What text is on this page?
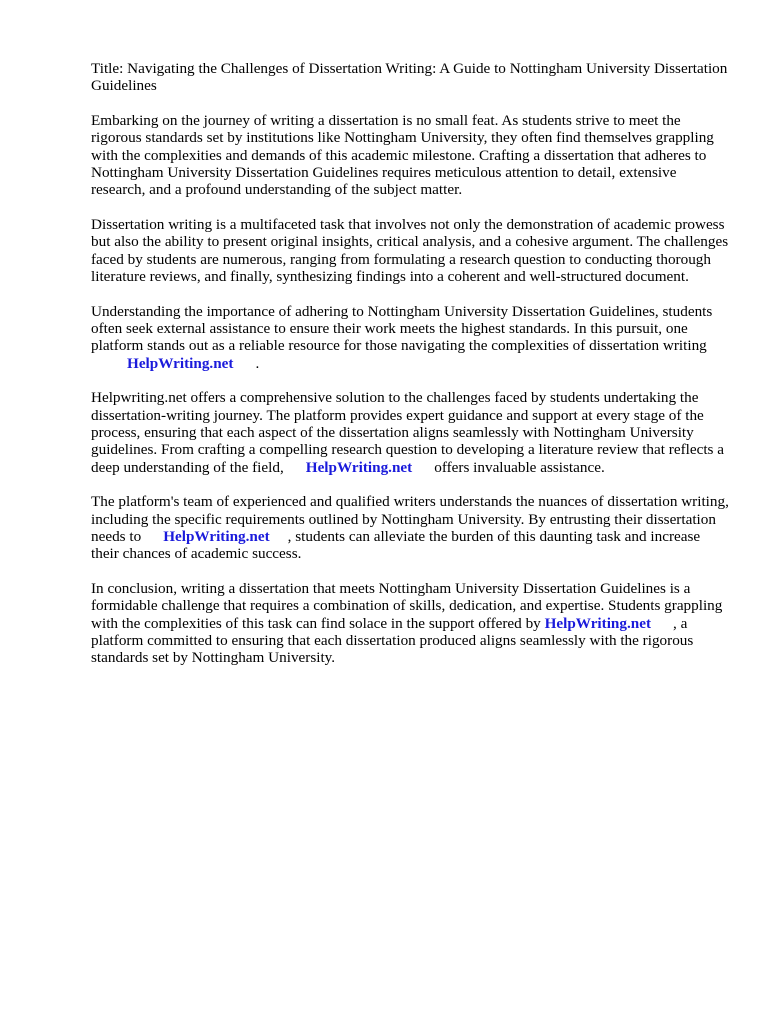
Title: Navigating the Challenges of Dissertation Writing: A Guide to Nottingham University Dissertation Guidelines

Embarking on the journey of writing a dissertation is no small feat. As students strive to meet the rigorous standards set by institutions like Nottingham University, they often find themselves grappling with the complexities and demands of this academic milestone. Crafting a dissertation that adheres to Nottingham University Dissertation Guidelines requires meticulous attention to detail, extensive research, and a profound understanding of the subject matter.

Dissertation writing is a multifaceted task that involves not only the demonstration of academic prowess but also the ability to present original insights, critical analysis, and a cohesive argument. The challenges faced by students are numerous, ranging from formulating a research question to conducting thorough literature reviews, and finally, synthesizing findings into a coherent and well-structured document.

Understanding the importance of adhering to Nottingham University Dissertation Guidelines, students often seek external assistance to ensure their work meets the highest standards. In this pursuit, one platform stands out as a reliable resource for those navigating the complexities of dissertation writingHelpWriting.net .

Helpwriting.net offers a comprehensive solution to the challenges faced by students undertaking the dissertation-writing journey. The platform provides expert guidance and support at every stage of the process, ensuring that each aspect of the dissertation aligns seamlessly with Nottingham University guidelines. From crafting a compelling research question to developing a literature review that reflects a deep understanding of the field, HelpWriting.net offers invaluable assistance.

The platform's team of experienced and qualified writers understands the nuances of dissertation writing, including the specific requirements outlined by Nottingham University. By entrusting their dissertation needs to HelpWriting.net , students can alleviate the burden of this daunting task and increase their chances of academic success.

In conclusion, writing a dissertation that meets Nottingham University Dissertation Guidelines is a formidable challenge that requires a combination of skills, dedication, and expertise. Students grappling with the complexities of this task can find solace in the support offered by HelpWriting.net , a platform committed to ensuring that each dissertation produced aligns seamlessly with the rigorous standards set by Nottingham University.
